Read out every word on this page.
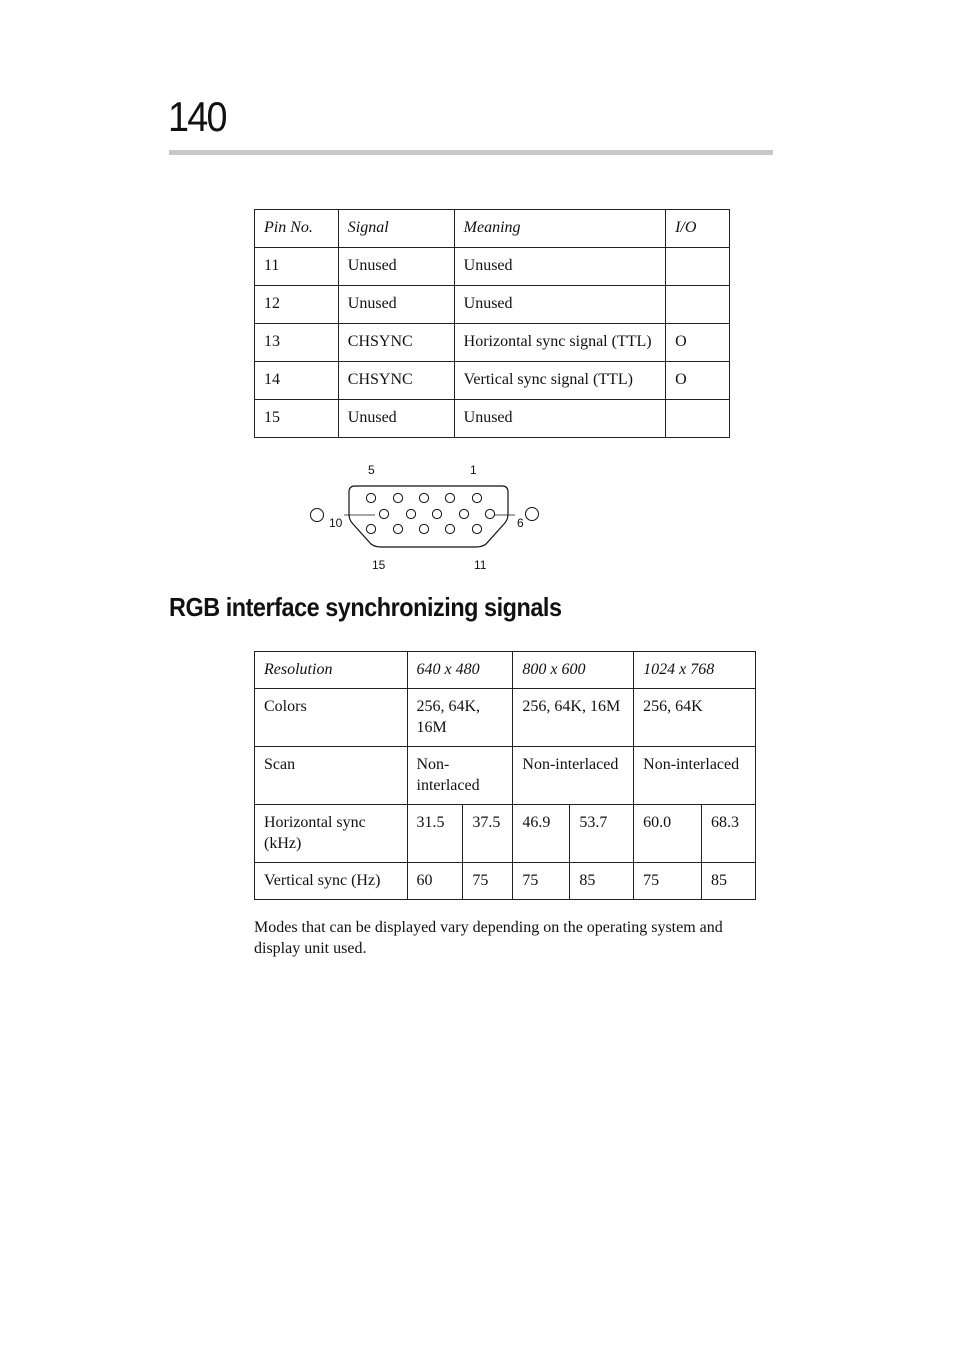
140
Pin No.	Signal	Meaning	I/O
11	Unused	Unused	
12	Unused	Unused	
13	CHSYNC	Horizontal sync signal (TTL)	O
14	CHSYNC	Vertical sync signal (TTL)	O
15	Unused	Unused	
5	1
10	6
15	11
RGB interface synchronizing signals
Resolution	640 x 480		800 x 600		1024 x 768	
Colors	256, 64K, 16M		256, 64K, 16M		256, 64K	
Scan	Non-interlaced		Non-interlaced		Non-interlaced	
Horizontal sync (kHz)	31.5	37.5	46.9	53.7	60.0	68.3
Vertical sync (Hz)	60	75	75	85	75	85

Modes that can be displayed vary depending on the operating system and display unit used.
